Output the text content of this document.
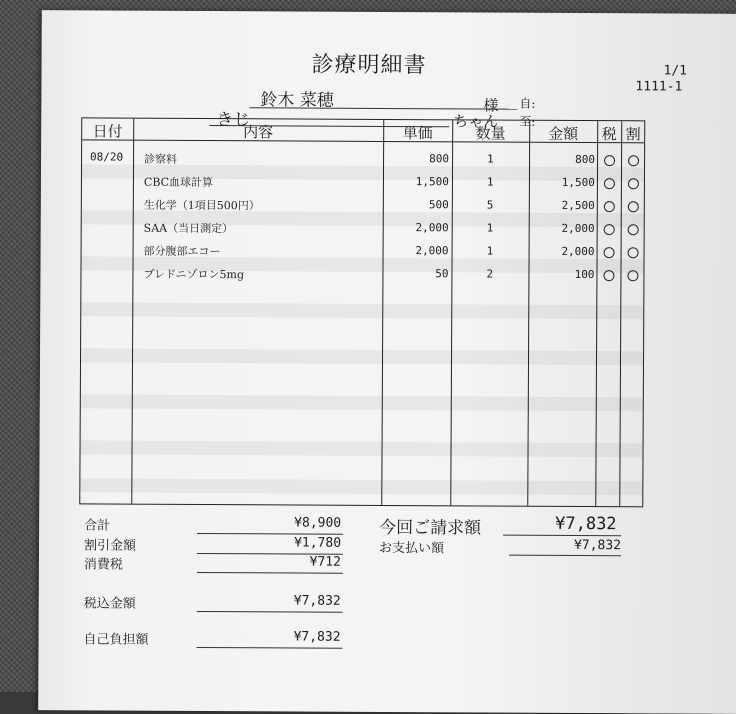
診療明細書	1/1
1111-1
鈴木 菜穂	様 自:
きじ	ちゃん 至:
日付	内容	単価	数量	金額	税 割
08/20 診察料	800	1	800
CBC血球計算	1,500	1	1,500
生化学（1項目500円）	500	5	2,500
SAA（当日測定）	2,000	1	2,000
部分腹部エコー	2,000	1	2,000
プレドニゾロン5mg	50	2	100
合計	¥8,900
割引金額	¥1,780
消費税	¥712
税込金額	¥7,832
自己負担額	¥7,832
今回ご請求額	¥7,832
お支払い額	¥7,832
